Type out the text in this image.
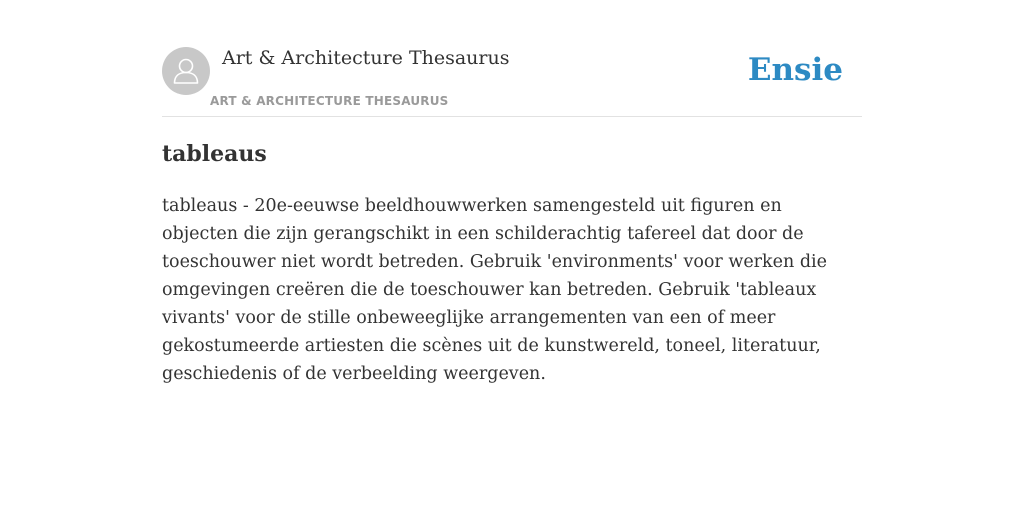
Art & Architecture Thesaurus
ART & ARCHITECTURE THESAURUS
Ensie
tableaus

tableaus - 20e-eeuwse beeldhouwwerken samengesteld uit figuren en objecten die zijn gerangschikt in een schilderachtig tafereel dat door de toeschouwer niet wordt betreden. Gebruik 'environments' voor werken die omgevingen creëren die de toeschouwer kan betreden. Gebruik 'tableaux vivants' voor de stille onbeweeglijke arrangementen van een of meer gekostumeerde artiesten die scènes uit de kunstwereld, toneel, literatuur, geschiedenis of de verbeelding weergeven.
